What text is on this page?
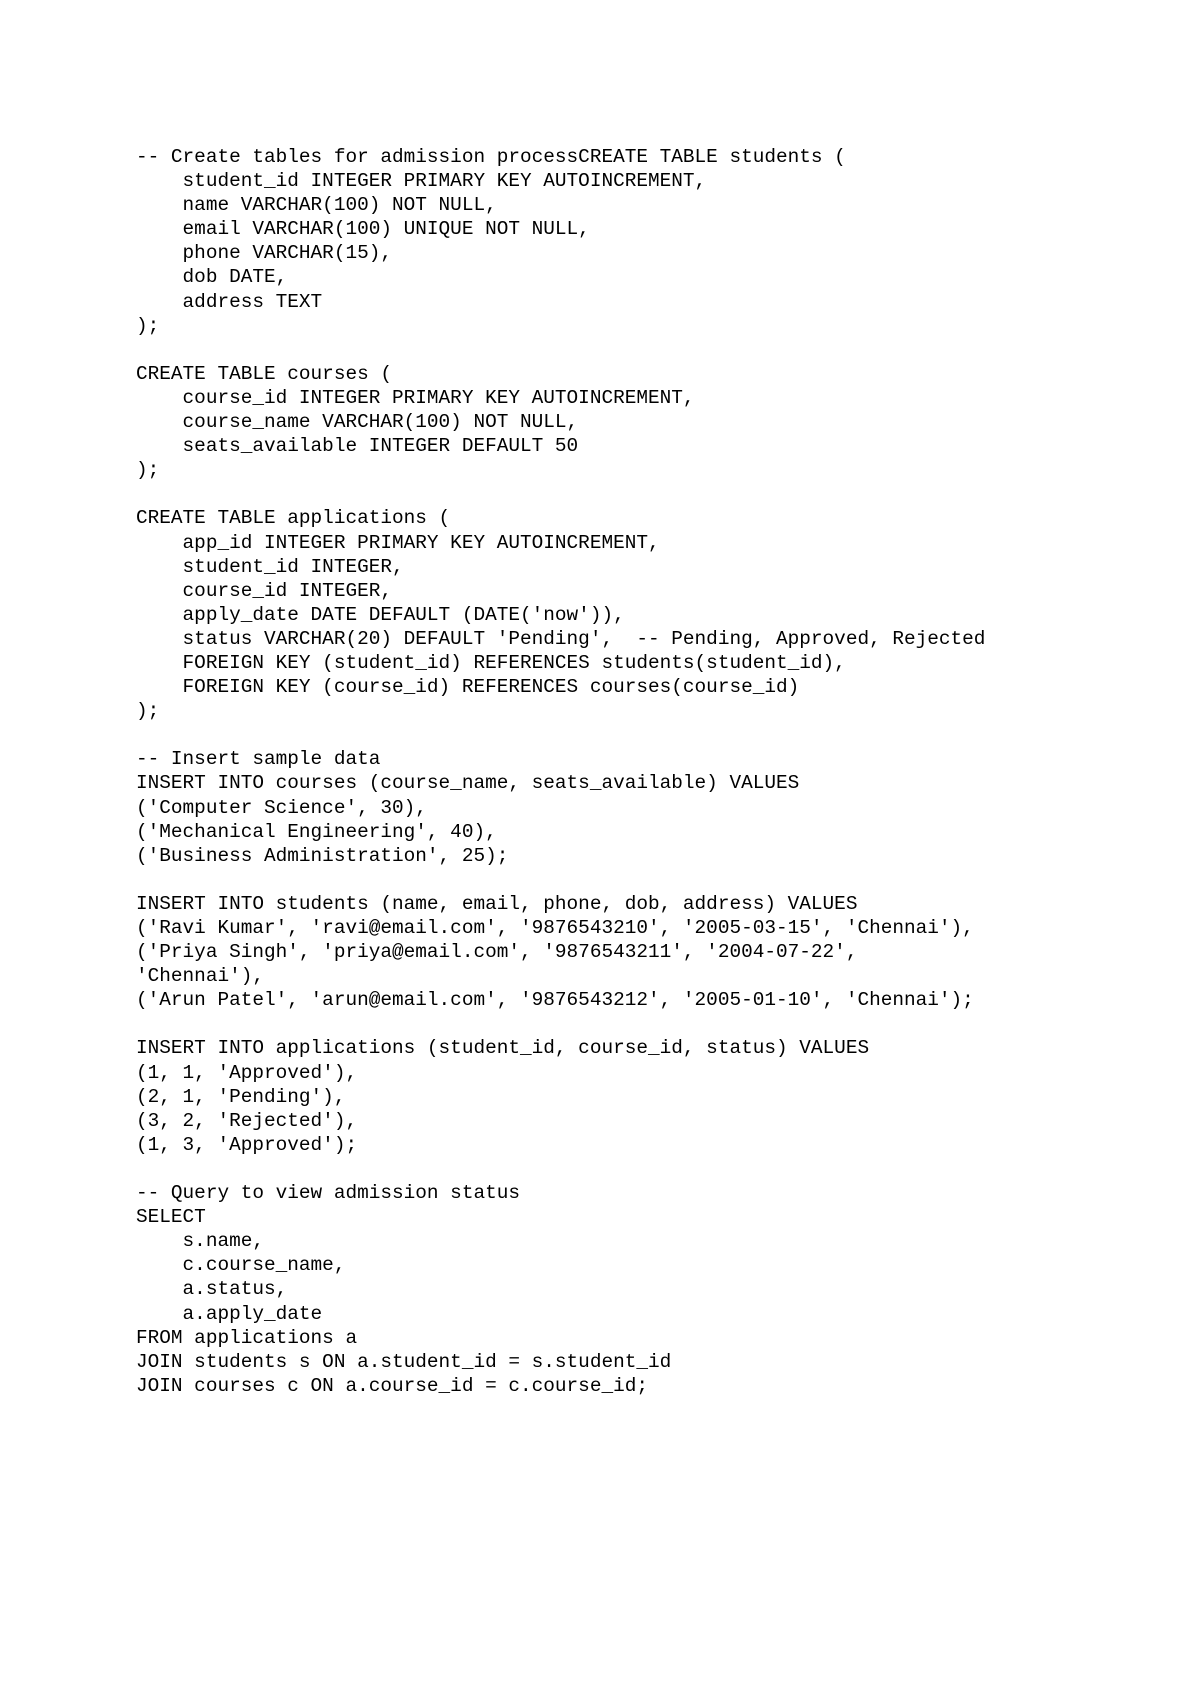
-- Create tables for admission processCREATE TABLE students (
student_id INTEGER PRIMARY KEY AUTOINCREMENT,
name VARCHAR(100) NOT NULL,
email VARCHAR(100) UNIQUE NOT NULL,
phone VARCHAR(15),
dob DATE,
address TEXT
);
CREATE TABLE courses (
course_id INTEGER PRIMARY KEY AUTOINCREMENT,
course_name VARCHAR(100) NOT NULL,
seats_available INTEGER DEFAULT 50
);
CREATE TABLE applications (
app_id INTEGER PRIMARY KEY AUTOINCREMENT,
student_id INTEGER,
course_id INTEGER,
apply_date DATE DEFAULT (DATE('now')),
status VARCHAR(20) DEFAULT 'Pending',  -- Pending, Approved, Rejected
FOREIGN KEY (student_id) REFERENCES students(student_id),
FOREIGN KEY (course_id) REFERENCES courses(course_id)
);
-- Insert sample data
INSERT INTO courses (course_name, seats_available) VALUES
('Computer Science', 30),
('Mechanical Engineering', 40),
('Business Administration', 25);
INSERT INTO students (name, email, phone, dob, address) VALUES
('Ravi Kumar', 'ravi@email.com', '9876543210', '2005-03-15', 'Chennai'),
('Priya Singh', 'priya@email.com', '9876543211', '2004-07-22',
'Chennai'),
('Arun Patel', 'arun@email.com', '9876543212', '2005-01-10', 'Chennai');
INSERT INTO applications (student_id, course_id, status) VALUES
(1, 1, 'Approved'),
(2, 1, 'Pending'),
(3, 2, 'Rejected'),
(1, 3, 'Approved');
-- Query to view admission status
SELECT
s.name,
c.course_name,
a.status,
a.apply_date
FROM applications a
JOIN students s ON a.student_id = s.student_id
JOIN courses c ON a.course_id = c.course_id;
